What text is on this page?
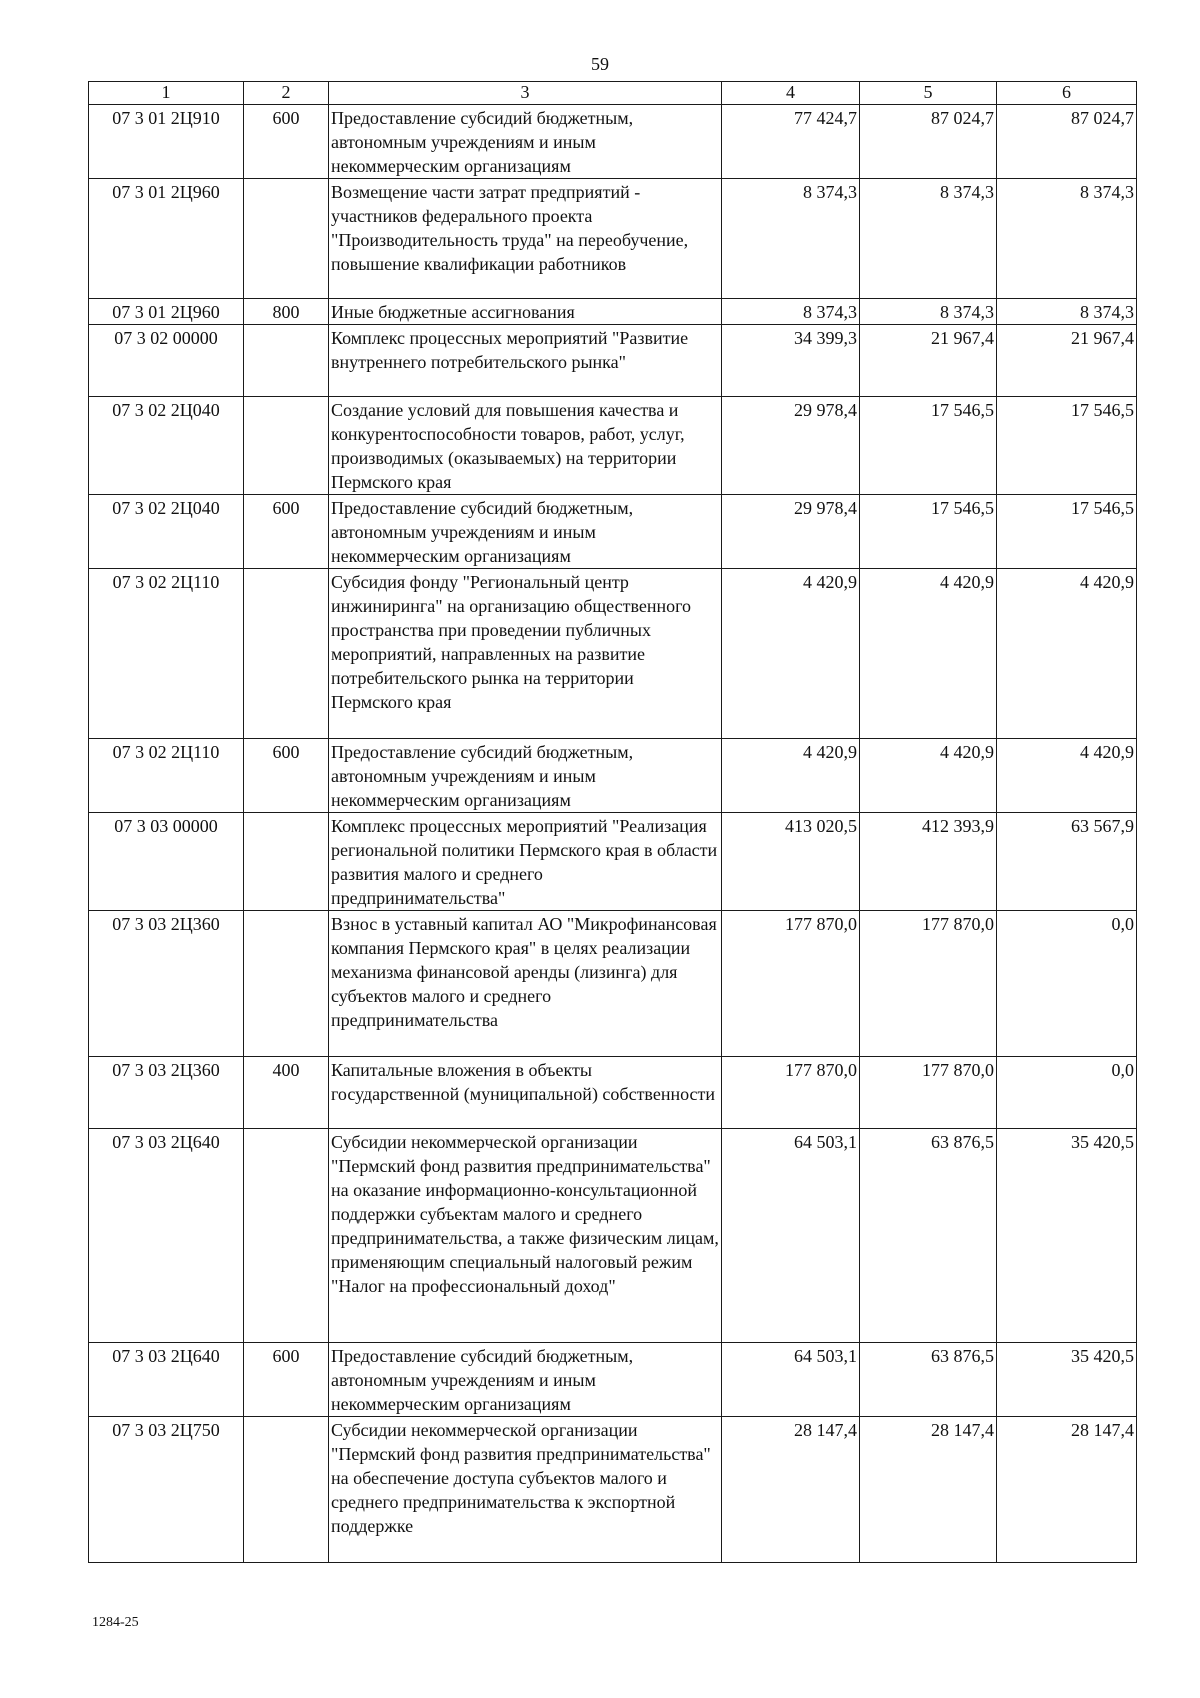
59
1	2	3	4	5	6
07 3 01 2Ц910	600	Предоставление субсидий бюджетным, автономным учреждениям и иным некоммерческим организациям	77 424,7	87 024,7	87 024,7
07 3 01 2Ц960		Возмещение части затрат предприятий - участников федерального проекта "Производительность труда" на переобучение, повышение квалификации работников	8 374,3	8 374,3	8 374,3
07 3 01 2Ц960	800	Иные бюджетные ассигнования	8 374,3	8 374,3	8 374,3
07 3 02 00000		Комплекс процессных мероприятий "Развитие внутреннего потребительского рынка"	34 399,3	21 967,4	21 967,4
07 3 02 2Ц040		Создание условий для повышения качества и конкурентоспособности товаров, работ, услуг, производимых (оказываемых) на территории Пермского края	29 978,4	17 546,5	17 546,5
07 3 02 2Ц040	600	Предоставление субсидий бюджетным, автономным учреждениям и иным некоммерческим организациям	29 978,4	17 546,5	17 546,5
07 3 02 2Ц110		Субсидия фонду "Региональный центр инжиниринга" на организацию общественного пространства при проведении публичных мероприятий, направленных на развитие потребительского рынка на территории Пермского края	4 420,9	4 420,9	4 420,9
07 3 02 2Ц110	600	Предоставление субсидий бюджетным, автономным учреждениям и иным некоммерческим организациям	4 420,9	4 420,9	4 420,9
07 3 03 00000		Комплекс процессных мероприятий "Реализация региональной политики Пермского края в области развития малого и среднего предпринимательства"	413 020,5	412 393,9	63 567,9
07 3 03 2Ц360		Взнос в уставный капитал АО "Микрофинансовая компания Пермского края" в целях реализации механизма финансовой аренды (лизинга) для субъектов малого и среднего предпринимательства	177 870,0	177 870,0	0,0
07 3 03 2Ц360	400	Капитальные вложения в объекты государственной (муниципальной) собственности	177 870,0	177 870,0	0,0
07 3 03 2Ц640		Субсидии некоммерческой организации "Пермский фонд развития предпринимательства" на оказание информационно-консультационной поддержки субъектам малого и среднего предпринимательства, а также физическим лицам, применяющим специальный налоговый режим "Налог на профессиональный доход"	64 503,1	63 876,5	35 420,5
07 3 03 2Ц640	600	Предоставление субсидий бюджетным, автономным учреждениям и иным некоммерческим организациям	64 503,1	63 876,5	35 420,5
07 3 03 2Ц750		Субсидии некоммерческой организации "Пермский фонд развития предпринимательства" на обеспечение доступа субъектов малого и среднего предпринимательства к экспортной поддержке	28 147,4	28 147,4	28 147,4
1284-25
